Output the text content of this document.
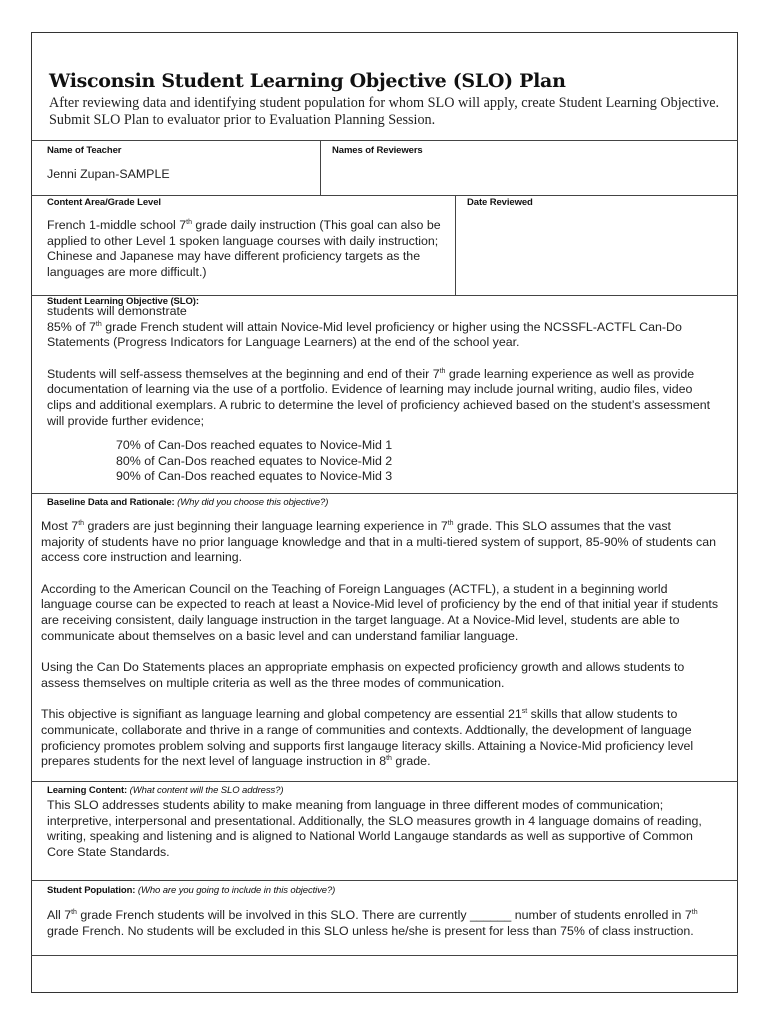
Wisconsin Student Learning Objective (SLO) Plan
After reviewing data and identifying student population for whom SLO will apply, create Student Learning Objective.
Submit SLO Plan to evaluator prior to Evaluation Planning Session.
Name of Teacher
Jenni Zupan-SAMPLE
Names of Reviewers
Content Area/Grade Level
French 1-middle school 7th grade daily instruction (This goal can also be
applied to other Level 1 spoken language courses with daily instruction;
Chinese and Japanese may have different proficiency targets as the
languages are more difficult.)
Date Reviewed
Student Learning Objective (SLO):
students will demonstrate
85% of 7th grade French student will attain Novice-Mid level proficiency or higher using the NCSSFL-ACTFL Can-Do
Statements (Progress Indicators for Language Learners) at the end of the school year.
Students will self-assess themselves at the beginning and end of their 7th grade learning experience as well as provide
documentation of learning via the use of a portfolio. Evidence of learning may include journal writing, audio files, video
clips and additional exemplars. A rubric to determine the level of proficiency achieved based on the student’s assessment
will provide further evidence;
70% of Can-Dos reached equates to Novice-Mid 1
80% of Can-Dos reached equates to Novice-Mid 2
90% of Can-Dos reached equates to Novice-Mid 3
Baseline Data and Rationale: (Why did you choose this objective?)
Most 7th graders are just beginning their language learning experience in 7th grade. This SLO assumes that the vast
majority of students have no prior language knowledge and that in a multi-tiered system of support, 85-90% of students can
access core instruction and learning.
According to the American Council on the Teaching of Foreign Languages (ACTFL), a student in a beginning world
language course can be expected to reach at least a Novice-Mid level of proficiency by the end of that initial year if students
are receiving consistent, daily language instruction in the target language. At a Novice-Mid level, students are able to
communicate about themselves on a basic level and can understand familiar language.
Using the Can Do Statements places an appropriate emphasis on expected proficiency growth and allows students to
assess themselves on multiple criteria as well as the three modes of communication.
This objective is signifiant as language learning and global competency are essential 21st skills that allow students to
communicate, collaborate and thrive in a range of communities and contexts. Addtionally, the development of language
proficiency promotes problem solving and supports first langauge literacy skills. Attaining a Novice-Mid proficiency level
prepares students for the next level of language instruction in 8th grade.
Learning Content: (What content will the SLO address?)
This SLO addresses students ability to make meaning from language in three different modes of communication;
interpretive, interpersonal and presentational. Additionally, the SLO measures growth in 4 language domains of reading,
writing, speaking and listening and is aligned to National World Langauge standards as well as supportive of Common
Core State Standards.
Student Population: (Who are you going to include in this objective?)
All 7th grade French students will be involved in this SLO. There are currently ______ number of students enrolled in 7th
grade French. No students will be excluded in this SLO unless he/she is present for less than 75% of class instruction.
